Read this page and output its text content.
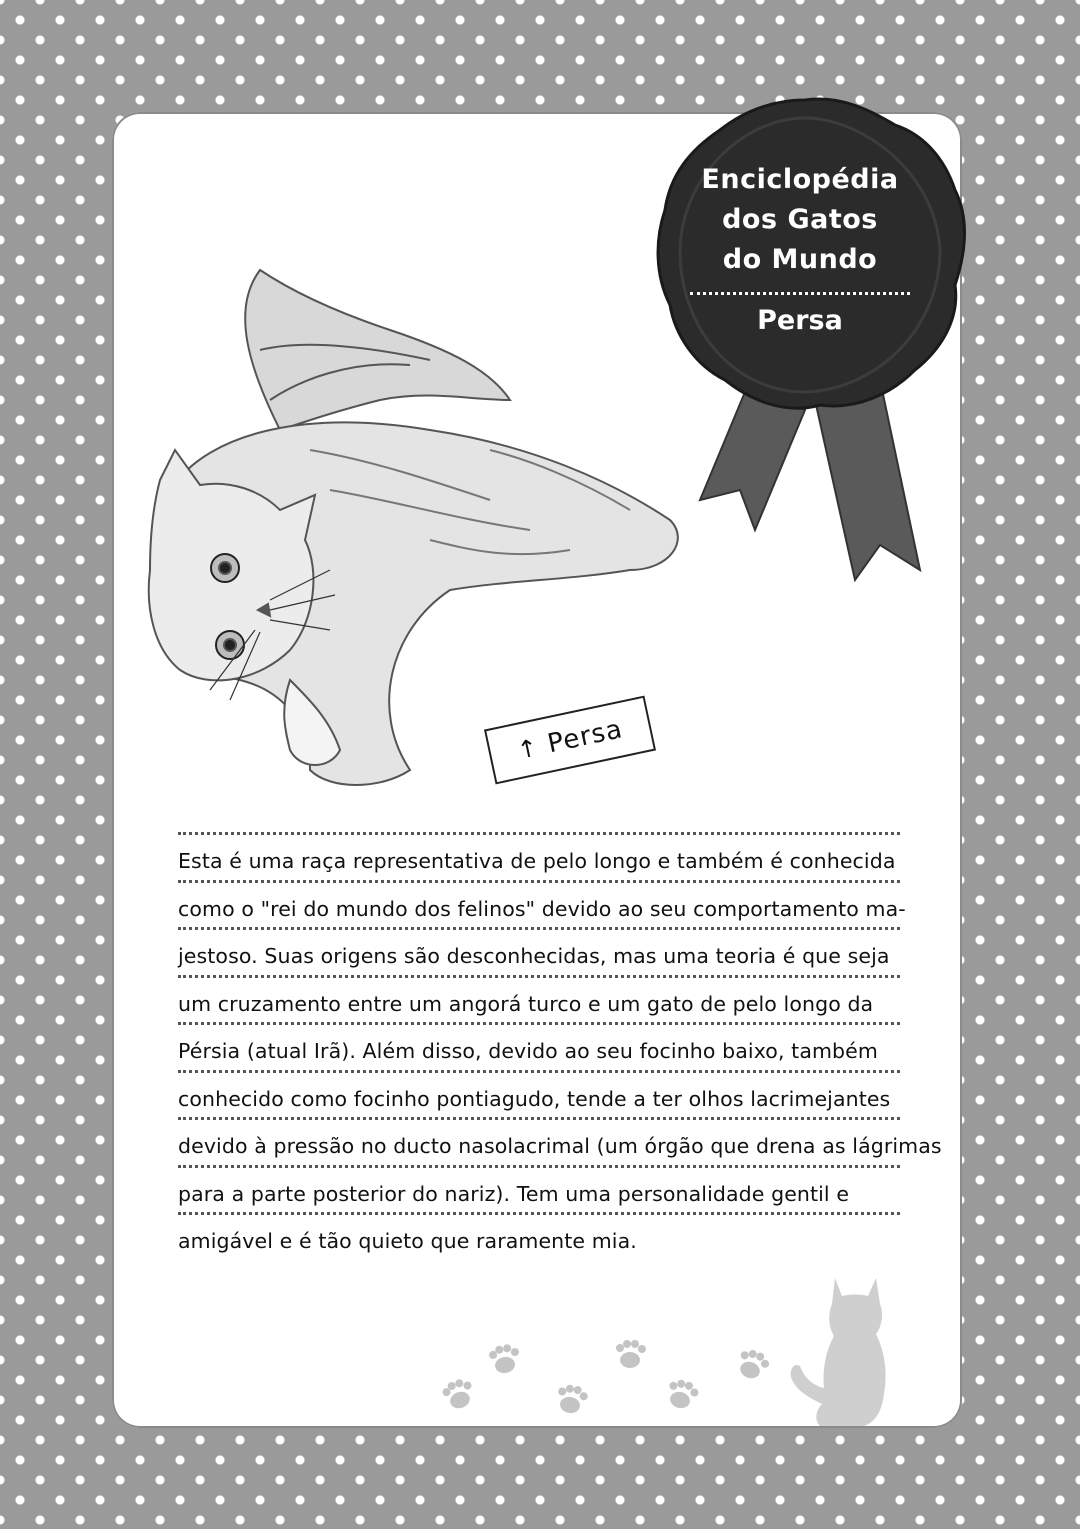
↑ Persa
Enciclopédia
dos Gatos
do Mundo
Persa
Esta é uma raça representativa de pelo longo e também é conhecida
como o "rei do mundo dos felinos" devido ao seu comportamento ma-
jestoso. Suas origens são desconhecidas, mas uma teoria é que seja
um cruzamento entre um angorá turco e um gato de pelo longo da
Pérsia (atual Irã). Além disso, devido ao seu focinho baixo, também
conhecido como focinho pontiagudo, tende a ter olhos lacrimejantes
devido à pressão no ducto nasolacrimal (um órgão que drena as lágrimas
para a parte posterior do nariz). Tem uma personalidade gentil e
amigável e é tão quieto que raramente mia.
